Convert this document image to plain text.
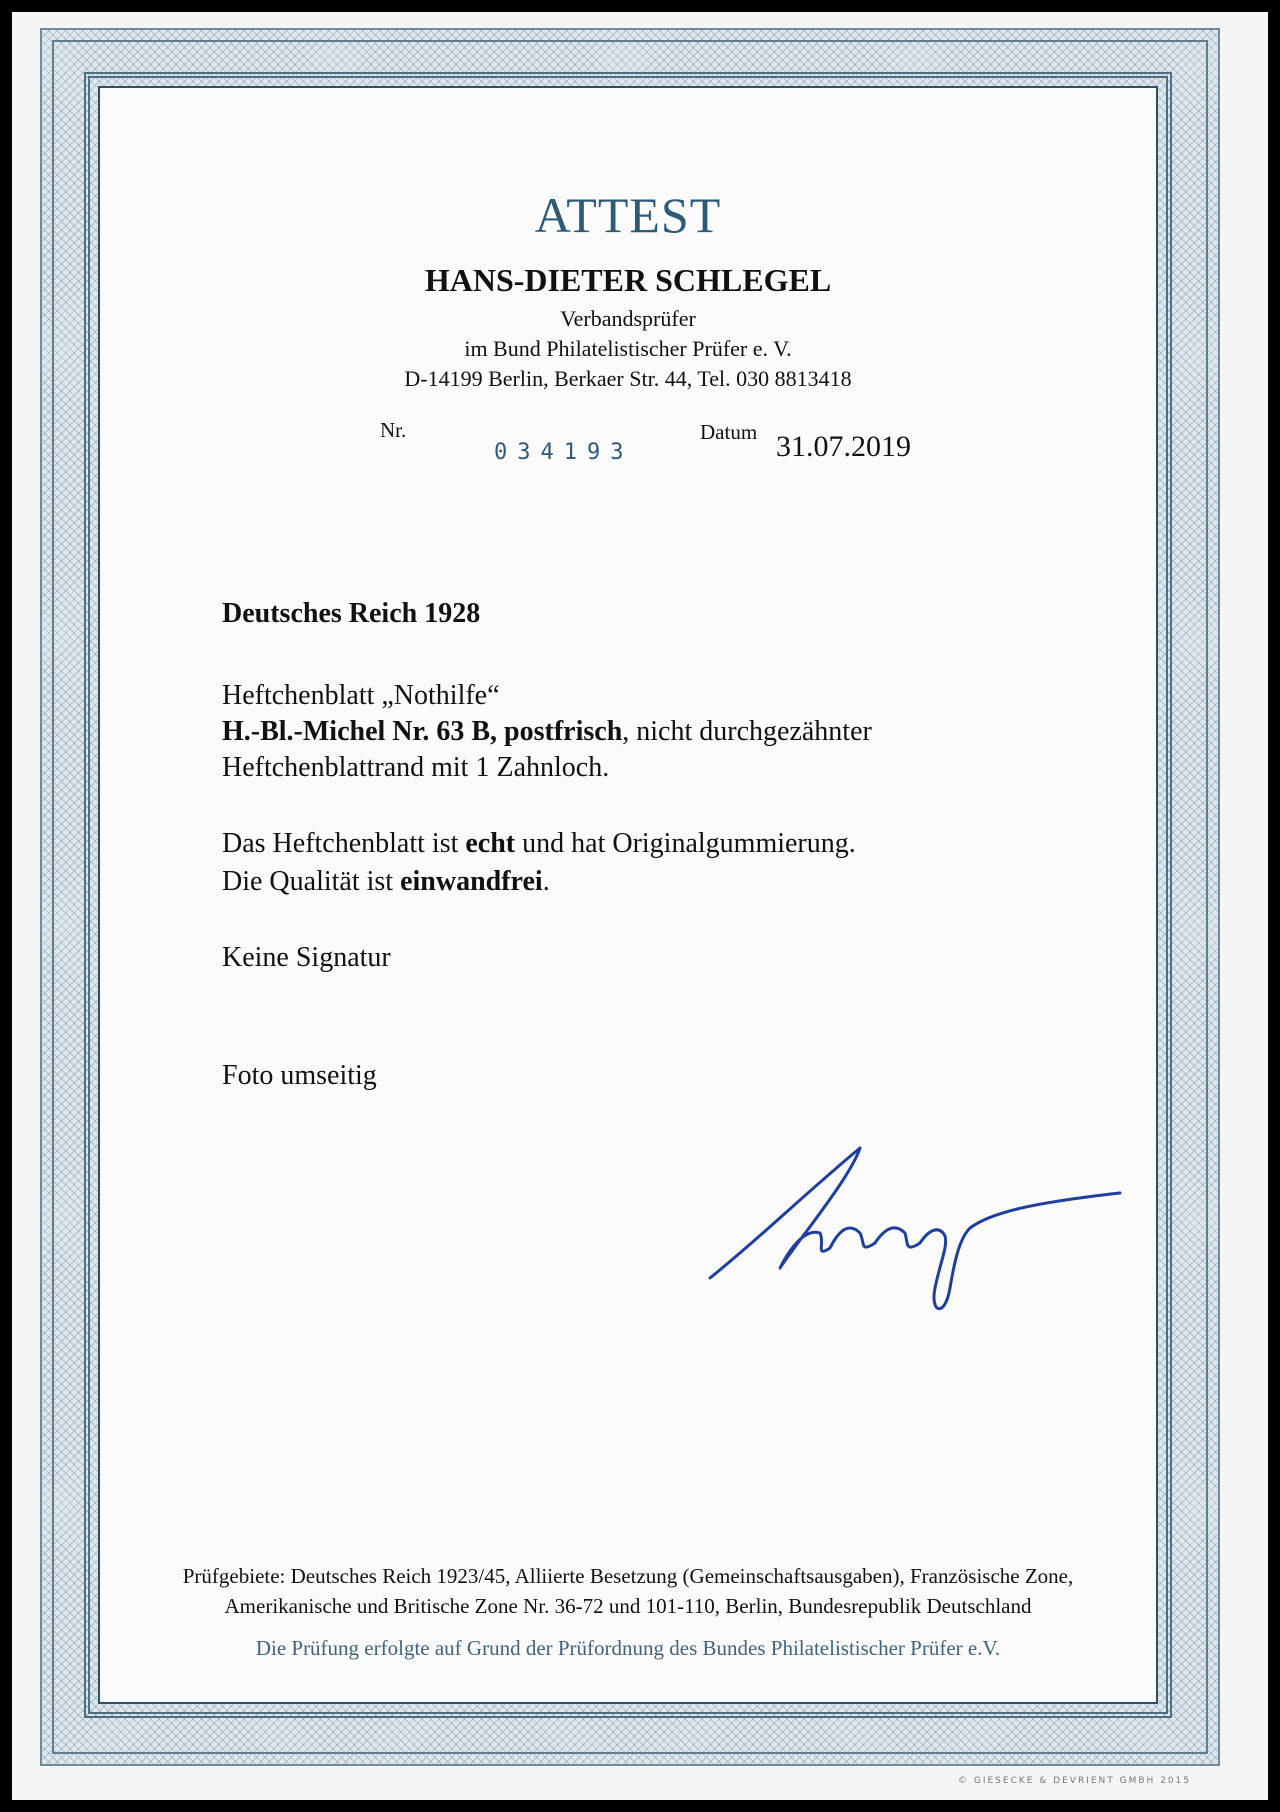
ATTEST
HANS-DIETER SCHLEGEL
Verbandsprüfer
im Bund Philatelistischer Prüfer e. V.
D-14199 Berlin, Berkaer Str. 44, Tel. 030 8813418
Nr.
034193
Datum 31.07.2019
Deutsches Reich 1928
Heftchenblatt „Nothilfe“
H.-Bl.-Michel Nr. 63 B, postfrisch, nicht durchgezähnter
Heftchenblattrand mit 1 Zahnloch.
Das Heftchenblatt ist echt und hat Originalgummierung.
Die Qualität ist einwandfrei.
Keine Signatur
Foto umseitig
Prüfgebiete: Deutsches Reich 1923/45, Alliierte Besetzung (Gemeinschaftsausgaben), Französische Zone,
Amerikanische und Britische Zone Nr. 36-72 und 101-110, Berlin, Bundesrepublik Deutschland
Die Prüfung erfolgte auf Grund der Prüfordnung des Bundes Philatelistischer Prüfer e.V.
© GIESECKE & DEVRIENT GMBH 2015
